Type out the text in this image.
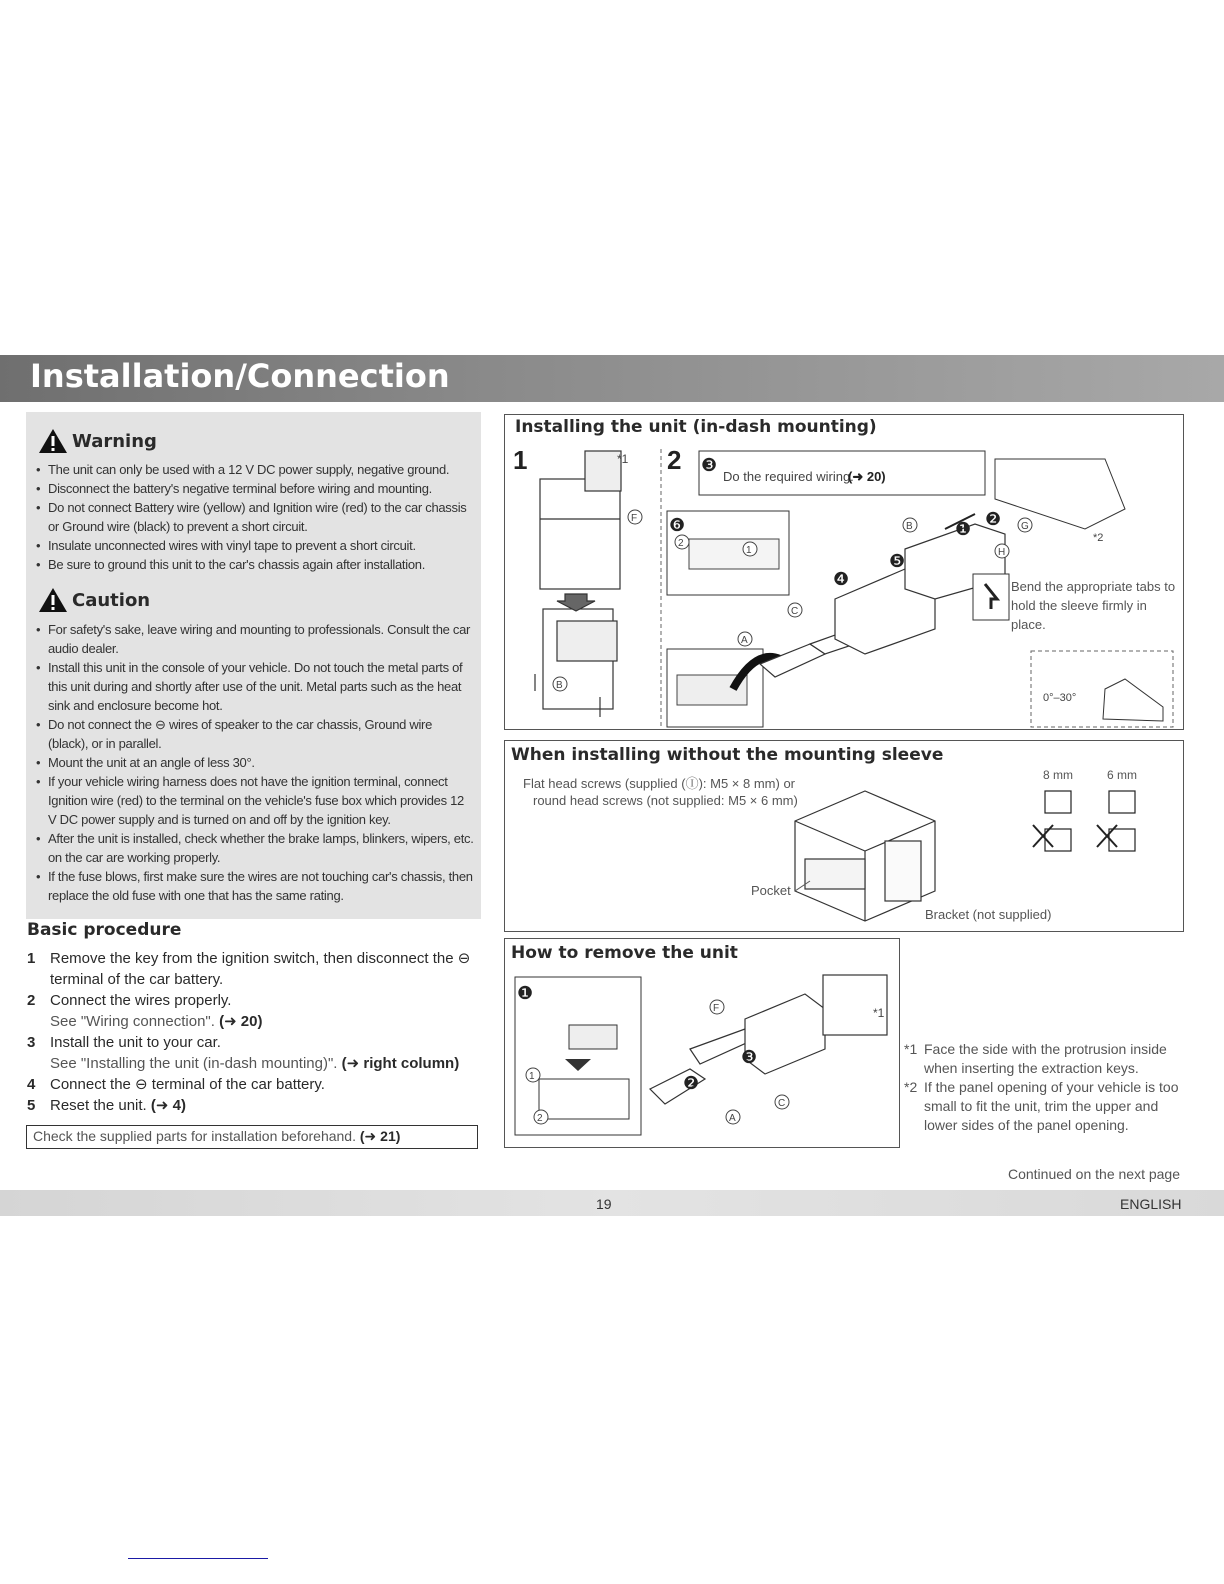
Installation/Connection
Warning
• The unit can only be used with a 12 V DC power supply, negative ground.
• Disconnect the battery's negative terminal before wiring and mounting.
• Do not connect Battery wire (yellow) and Ignition wire (red) to the car chassis or Ground wire (black) to prevent a short circuit.
• Insulate unconnected wires with vinyl tape to prevent a short circuit.
• Be sure to ground this unit to the car's chassis again after installation.
Caution
• For safety's sake, leave wiring and mounting to professionals. Consult the car audio dealer.
• Install this unit in the console of your vehicle. Do not touch the metal parts of this unit during and shortly after use of the unit. Metal parts such as the heat sink and enclosure become hot.
• Do not connect the ⊖ wires of speaker to the car chassis, Ground wire (black), or in parallel.
• Mount the unit at an angle of less 30°.
• If your vehicle wiring harness does not have the ignition terminal, connect Ignition wire (red) to the terminal on the vehicle's fuse box which provides 12 V DC power supply and is turned on and off by the ignition key.
• After the unit is installed, check whether the brake lamps, blinkers, wipers, etc. on the car are working properly.
• If the fuse blows, first make sure the wires are not touching car's chassis, then replace the old fuse with one that has the same rating.
Basic procedure
1 Remove the key from the ignition switch, then disconnect the ⊖ terminal of the car battery.
2 Connect the wires properly.
See "Wiring connection". (➜ 20)
3 Install the unit to your car.
See "Installing the unit (in-dash mounting)". (➜ right column)
4 Connect the ⊖ terminal of the car battery.
5 Reset the unit. (➜ 4)
Check the supplied parts for installation beforehand. (➜ 21)
Installing the unit (in-dash mounting)
1	*1
F
B
2 ❸
Do the required wiring.
(➜ 20)
❻
2
1
❹
❺
❶ ❷
A
C
B	G
H
*2
Bend the appropriate tabs to hold the sleeve firmly in place.
0°–30°
When installing without the mounting sleeve
Flat head screws (supplied (Ⓘ): M5 × 8 mm) or
round head screws (not supplied: M5 × 6 mm)
Pocket
Bracket (not supplied)
8 mm	6 mm
How to remove the unit
❶
1
2
*1
❷
❸
F
A
C

*1 Face the side with the protrusion inside when inserting the extraction keys.

*2 If the panel opening of your vehicle is too small to fit the unit, trim the upper and lower sides of the panel opening.

Continued on the next page
19	ENGLISH
